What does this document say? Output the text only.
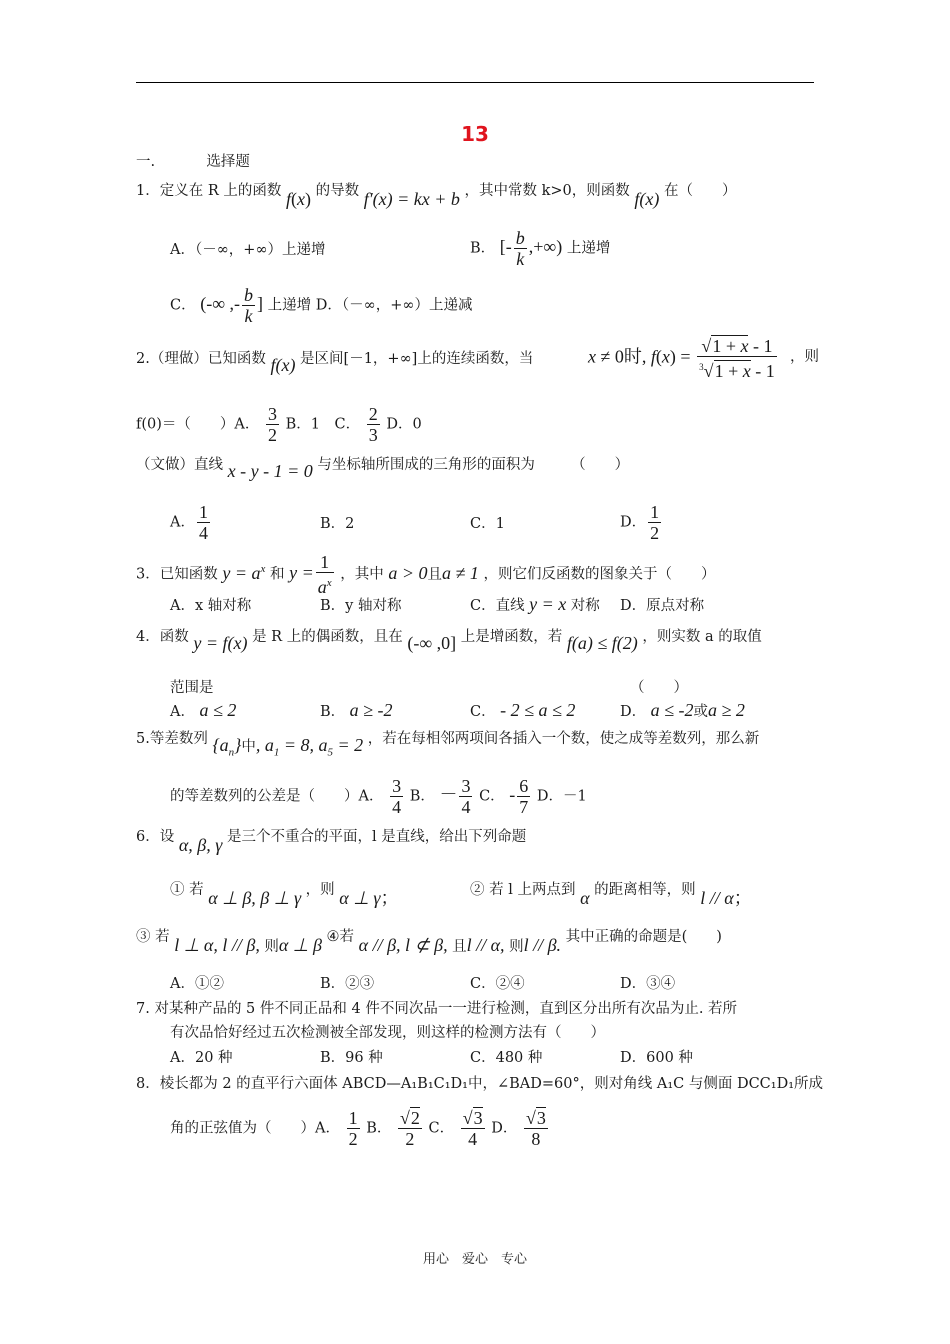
13
一.	选择题
1．定义在 R 上的函数 f(x) 的导数 f′(x) = kx + b ，其中常数 k>0，则函数 f(x) 在（　　）
A．（－∞，+∞）上递增	B． [- $\frac{b}{k}$ ,+∞) 上递增
C． (-∞ ,- $\frac{b}{k}$ ] 上递增 D．（－∞，+∞）上递减
2.（理做）已知函数 f(x) 是区间[－1，+∞]上的连续函数，当	x ≠ 0时, $f(x) = \frac{√1 + x - 1}{^3√1 + x - 1}$ ，则
f(0)＝（　　）A． $\frac{3}{2}$ B．1　C． $\frac{2}{3}$ D．0
（文做）直线 x - y - 1 = 0 与坐标轴所围成的三角形的面积为　　　（　　）
A． $\frac{1}{4}$	B．2	C．1	D． $\frac{1}{2}$
3．已知函数 $y = a^x$ 和 $y = \frac{1}{a^x}$ ，其中 a > 0且a ≠ 1 ，则它们反函数的图象关于（　　）
A．x 轴对称	B．y 轴对称	C．直线 y = x 对称 D．原点对称
4．函数 y = f(x) 是 R 上的偶函数，且在 (-∞ ,0] 上是增函数，若 f(a) ≤ f(2) ，则实数 a 的取值
范围是	（　　）
A． a ≤ 2	B． a ≥ -2	C． - 2 ≤ a ≤ 2	D． a ≤ -2或a ≥ 2
5.等差数列 $\{a_n\}$中, $a_1 = 8$, $a_5 = 2$ ，若在每相邻两项间各插入一个数，使之成等差数列，那么新
的等差数列的公差是（　　）A． $\frac{3}{4}$ B． － $\frac{3}{4}$ C． - $\frac{6}{7}$ D．－1
6．设 α, β, γ 是三个不重合的平面，l 是直线，给出下列命题
① 若 α ⊥ β, β ⊥ γ ，则 α ⊥ γ；	② 若 l 上两点到 α 的距离相等，则 l // α；
③ 若 l ⊥ α, l // β, 则α ⊥ β ④若 α // β, l ⊄ β, 且l // α, 则l // β. 其中正确的命题是(　　)
A．①②	B．②③	C．②④	D．③④
7. 对某种产品的 5 件不同正品和 4 件不同次品一一进行检测，直到区分出所有次品为止. 若所
有次品恰好经过五次检测被全部发现，则这样的检测方法有（　　）
A．20 种	B．96 种	C．480 种	D．600 种
8．棱长都为 2 的直平行六面体 ABCD—A₁B₁C₁D₁中，∠BAD=60°，则对角线 A₁C 与侧面 DCC₁D₁所成
角的正弦值为（　　）A． $\frac{1}{2}$ B． $\frac{√2}{2}$ C． $\frac{√3}{4}$ D． $\frac{√3}{8}$
用心　爱心　专心
